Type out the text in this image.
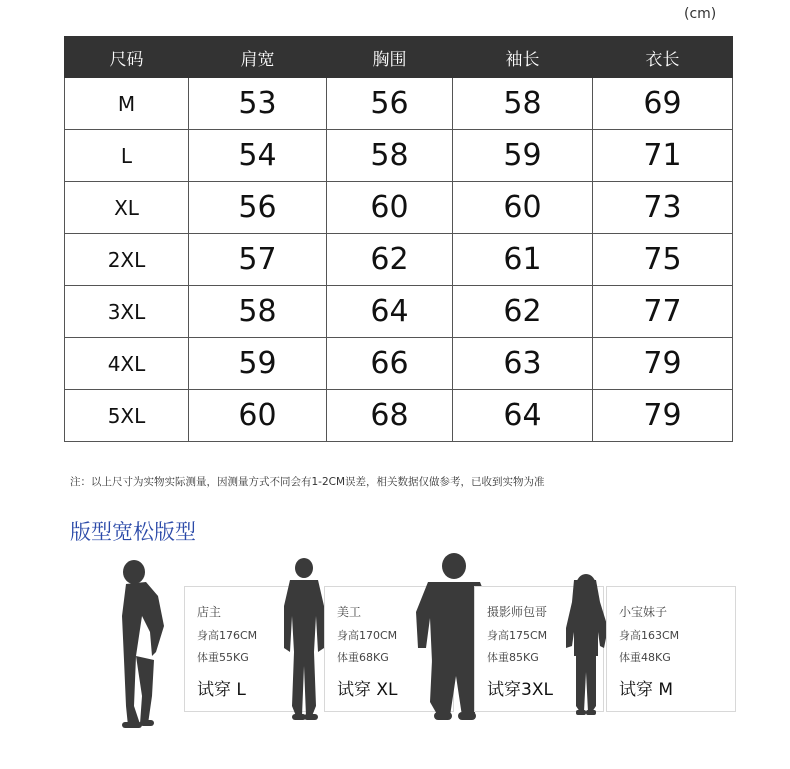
(cm)
尺码	肩宽	胸围	袖长	衣长
M	53	56	58	69
L	54	58	59	71
XL	56	60	60	73
2XL	57	62	61	75
3XL	58	64	62	77
4XL	59	66	63	79
5XL	60	68	64	79
注：以上尺寸为实物实际测量，因测量方式不同会有1-2CM误差，相关数据仅做参考，已收到实物为准
版型宽松版型
店主
身高176CM
体重55KG
试穿 L
美工
身高170CM
体重68KG
试穿 XL
摄影师包哥
身高175CM
体重85KG
试穿3XL
小宝妹子
身高163CM
体重48KG
试穿 M
